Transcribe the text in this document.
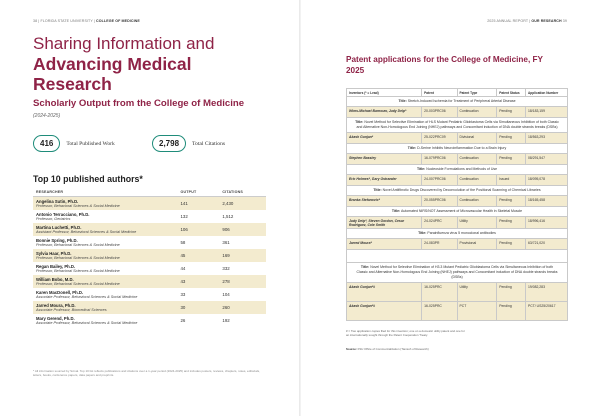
38 | FLORIDA STATE UNIVERSITY | COLLEGE OF MEDICINE
Sharing Information and
Advancing Medical Research
Scholarly Output from the College of Medicine
(2024-2025)
416	Total Published Work	2,798	Total Citations
Top 10 published authors*
RESEARCHER	OUTPUT	CITATIONS

Angelina Sutin, Ph.D.
Professor, Behavioral Sciences & Social Medicine	141	2,430

Antonio Terracciano, Ph.D.
Professor, Geriatrics	132	1,512

Martina Luchetti, Ph.D.
Assistant Professor, Behavioral Sciences & Social Medicine	106	906

Bonnie Spring, Ph.D.
Professor, Behavioral Sciences & Social Medicine	58	361

Sylvia Haar, Ph.D.
Professor, Behavioral Sciences & Social Medicine	45	169

Regan Bailey, Ph.D.
Professor, Behavioral Sciences & Social Medicine	44	332

William Bobo, M.D.
Professor, Behavioral Sciences & Social Medicine	43	278

Karen MacDonell, Ph.D.
Associate Professor, Behavioral Sciences & Social Medicine	33	104

Jarred Moura, Ph.D.
Associate Professor, Biomedical Sciences	30	260

Mary Gerend, Ph.D.
Associate Professor, Behavioral Sciences & Social Medicine	26	192
* All information sourced by Scival. Top 10 list reflects publications and citations over a 1-year period (2024-2025) and includes posters, reviews, chapters, notes, editorials, letters, books, conference papers, data papers and preprints.
2025 ANNUAL REPORT | OUR RESEARCH 39
Patent applications for the College of Medicine, FY 2025
Inventors (* = Lead)	Patent	Patent Type	Patent Status	Application Number
Title: Stretch-Induced Ischemia for Treatment of Peripheral Arterial Disease				
Wims-Michael Barnouw, Judy Delp*	20-003PRC06	Continuation	Pending	18/183,159
Title: Novel Method for Selective Elimination of HLS Mutant Pediatric Glioblastoma Cells via Simultaneous Inhibition of both Classic and Alternative Non-Homologous End Joining (NHEJ) pathways and Concomitant induction of DNA double strands breaks (DSBs)				
Akash Gunjan*	25-022PRC09	Divisional	Pending	18/563,293
Title: D-Serine Inhibits Neuroinflammation Due to a Brain Injury				
Stephen Bassley	16-079PRC06	Continuation	Pending	08/291,547
Title: Nucleoside Formulations and Methods of Use				
Eric Holmes*, Gary Ostrander	24-007PRC06	Continuation	Issued	18/095,078
Title: Novel Antifibrotic Drugs Discovered by Deconvolution of the Positional Scanning of Chemical Libraries				
Branka Stefanovic*	20-055PRC06	Continuation	Pending	18/165,458
Title: Automated NIRS/NOT Assessment of Microvascular Health in Skeletal Muscle				
Judy Delp*, Steven Gordon, Cesar Rodriguez, Cole Smith	24-024PRC	Utility	Pending	18/996,416
Title: Parainfluenza virus 5 monoclonal antibodies				
Jarred Moura*	24-083PR	Provisional	Pending	63/721,020

Title: Novel Method for Selective Elimination of H3.3 Mutant Pediatric Glioblastoma Cells via Simultaneous Inhibition of both Classic and Alternative Non-Homologous End Joining (NHEJ) pathways and Concomitant induction of DNA double strands breaks (DSBs)				
Akash Gunjan*#	16-025PRC	Utility	Pending	19/082,283
Akash Gunjan*#	16-025PRC	PCT	Pending	PCT/ US25/20617
# = Two application copies filed for this invention; one on a domestic utility patent and one for an internationally sought through the Patent Cooperation Treaty.
Source: FSU Office of Commercialization (Tiansoh of Research)
